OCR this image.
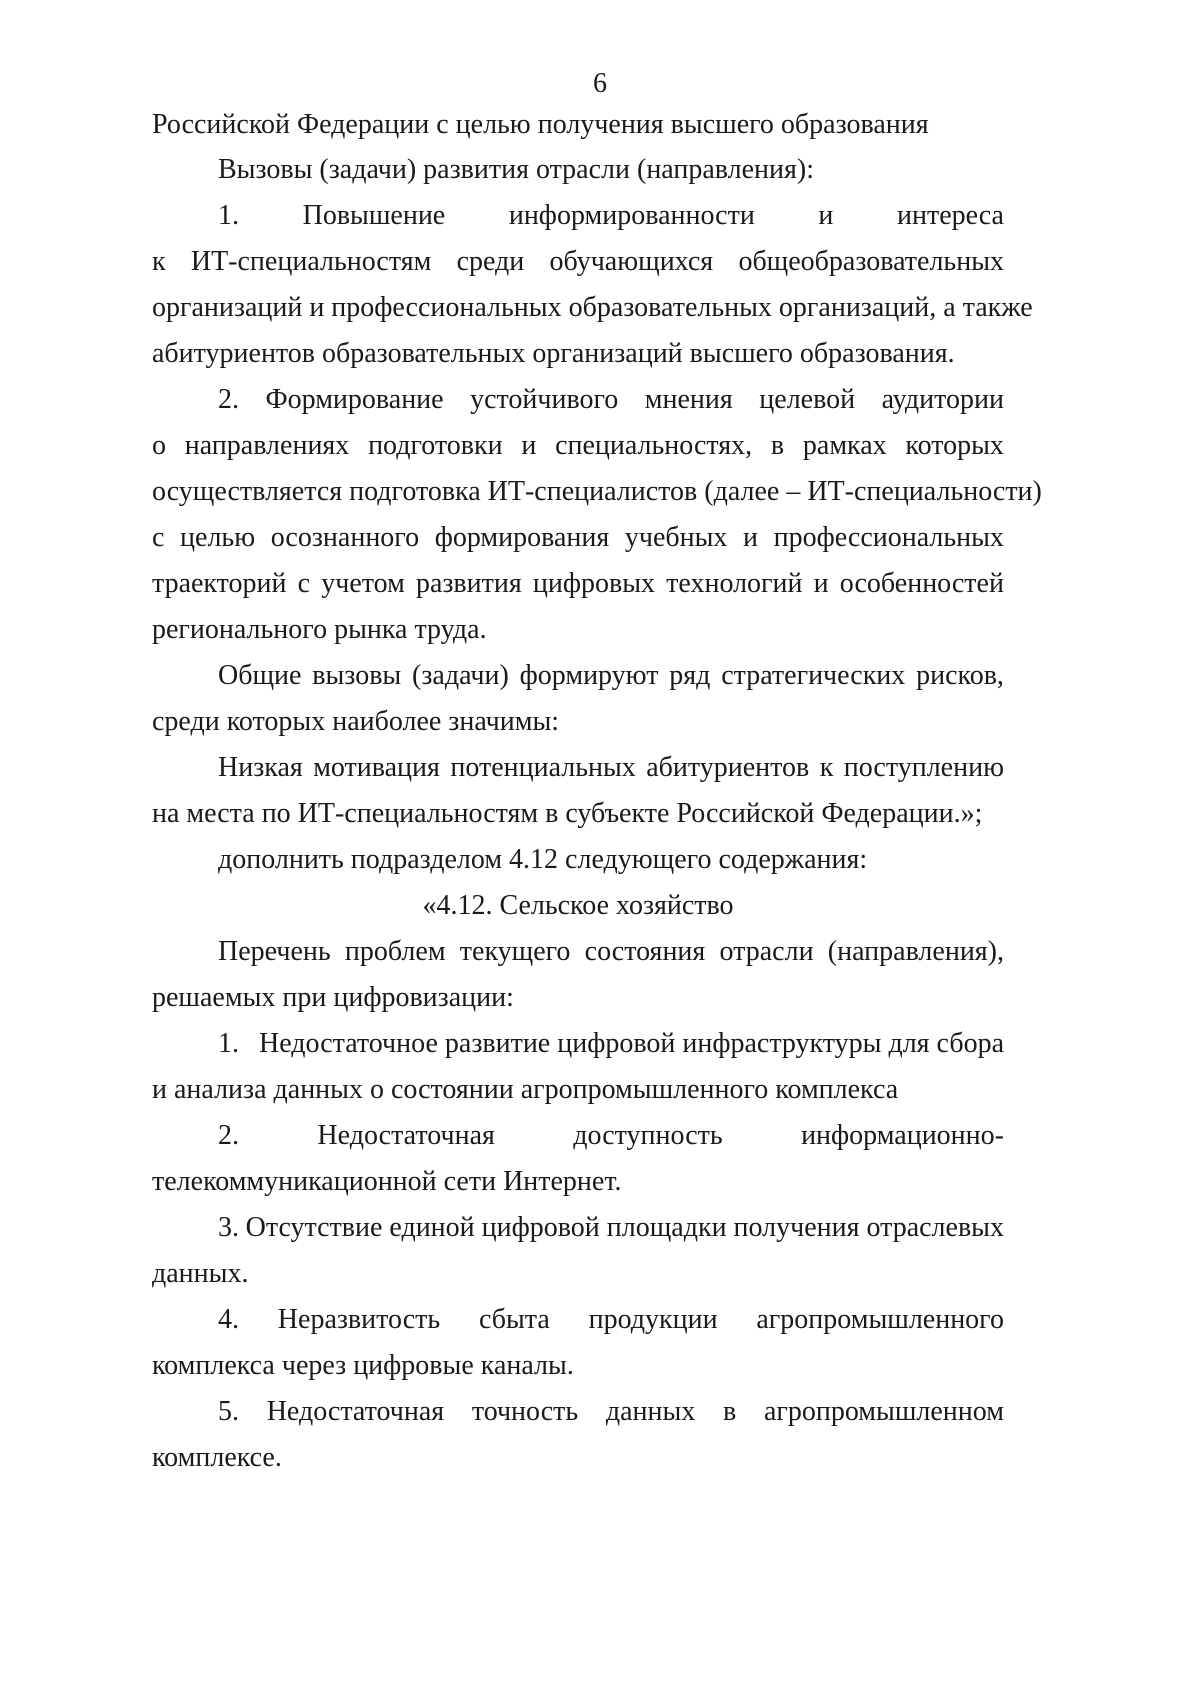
6
Российской Федерации с целью получения высшего образования
Вызовы (задачи) развития отрасли (направления):
1. Повышение информированности и интереса
к ИТ-специальностям среди обучающихся общеобразовательных
организаций и профессиональных образовательных организаций, а также
абитуриентов образовательных организаций высшего образования.
2. Формирование устойчивого мнения целевой аудитории
о направлениях подготовки и специальностях, в рамках которых
осуществляется подготовка ИТ-специалистов (далее – ИТ-специальности)
с целью осознанного формирования учебных и профессиональных
траекторий с учетом развития цифровых технологий и особенностей
регионального рынка труда.
Общие вызовы (задачи) формируют ряд стратегических рисков,
среди которых наиболее значимы:
Низкая мотивация потенциальных абитуриентов к поступлению
на места по ИТ-специальностям в субъекте Российской Федерации.»;
дополнить подразделом 4.12 следующего содержания:
«4.12. Сельское хозяйство
Перечень проблем текущего состояния отрасли (направления),
решаемых при цифровизации:
1. Недостаточное развитие цифровой инфраструктуры для сбора
и анализа данных о состоянии агропромышленного комплекса
2.	Недостаточная	доступность	информационно-
телекоммуникационной сети Интернет.
3. Отсутствие единой цифровой площадки получения отраслевых
данных.
4. Неразвитость сбыта продукции агропромышленного
комплекса через цифровые каналы.
5. Недостаточная точность данных в агропромышленном
комплексе.
